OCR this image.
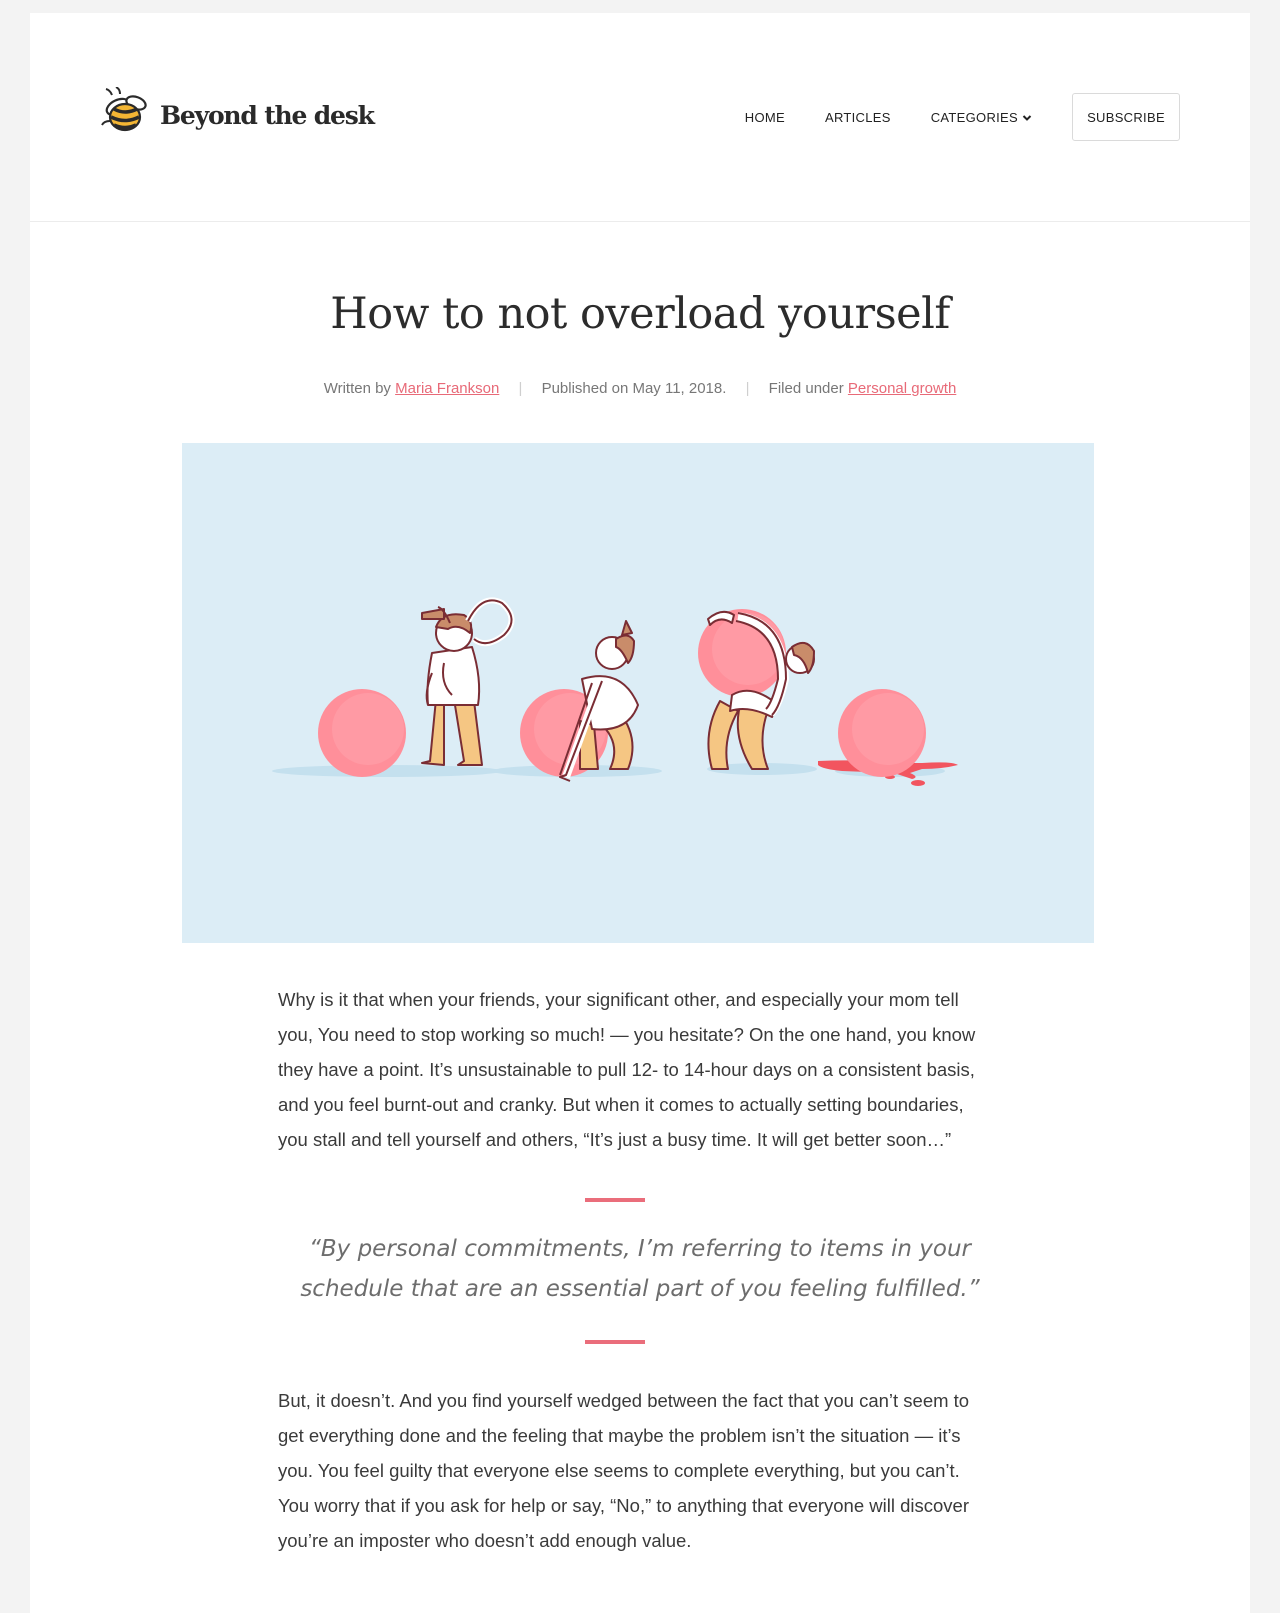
Beyond the desk	HOME	ARTICLES	CATEGORIES	SUBSCRIBE
How to not overload yourself
Written by Maria Frankson | Published on May 11, 2018. | Filed under Personal growth

Why is it that when your friends, your significant other, and especially your mom tell you, You need to stop working so much! — you hesitate? On the one hand, you know they have a point. It’s unsustainable to pull 12- to 14-hour days on a consistent basis, and you feel burnt-out and cranky. But when it comes to actually setting boundaries, you stall and tell yourself and others, “It’s just a busy time. It will get better soon…”

“By personal commitments, I’m referring to items in your schedule that are an essential part of you feeling fulfilled.”

But, it doesn’t. And you find yourself wedged between the fact that you can’t seem to get everything done and the feeling that maybe the problem isn’t the situation — it’s you. You feel guilty that everyone else seems to complete everything, but you can’t. You worry that if you ask for help or say, “No,” to anything that everyone will discover you’re an imposter who doesn’t add enough value.
